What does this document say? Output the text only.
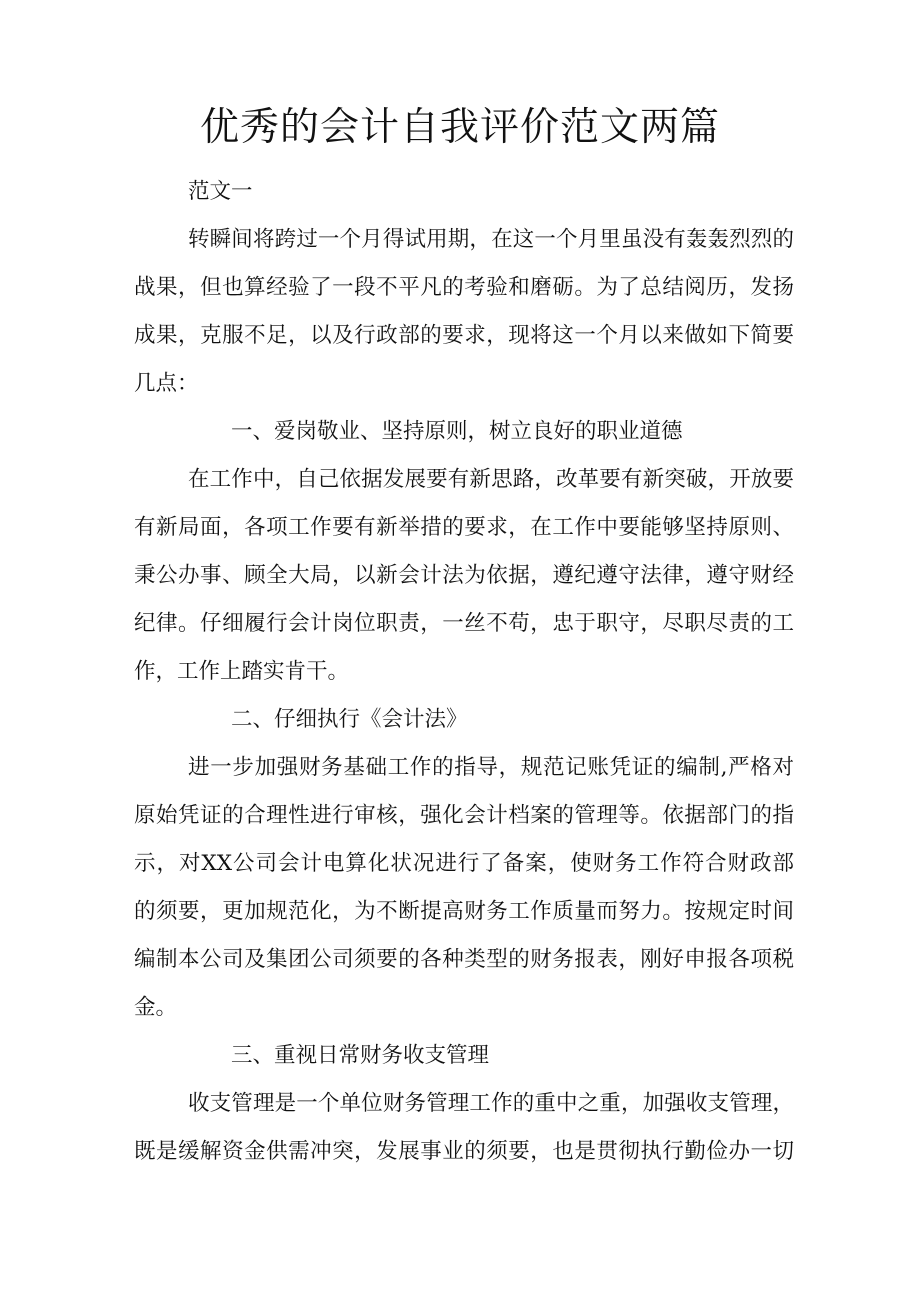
优秀的会计自我评价范文两篇

范文一

转瞬间将跨过一个月得试用期，在这一个月里虽没有轰轰烈烈的

战果，但也算经验了一段不平凡的考验和磨砺。为了总结阅历，发扬

成果，克服不足，以及行政部的要求，现将这一个月以来做如下简要

几点：

一、爱岗敬业、坚持原则，树立良好的职业道德

在工作中，自己依据发展要有新思路，改革要有新突破，开放要

有新局面，各项工作要有新举措的要求，在工作中要能够坚持原则、

秉公办事、顾全大局，以新会计法为依据，遵纪遵守法律，遵守财经

纪律。仔细履行会计岗位职责，一丝不苟，忠于职守，尽职尽责的工

作，工作上踏实肯干。

二、仔细执行《会计法》

进一步加强财务基础工作的指导，规范记账凭证的编制,严格对

原始凭证的合理性进行审核，强化会计档案的管理等。依据部门的指

示，对XX公司会计电算化状况进行了备案，使财务工作符合财政部

的须要，更加规范化，为不断提高财务工作质量而努力。按规定时间

编制本公司及集团公司须要的各种类型的财务报表，刚好申报各项税

金。

三、重视日常财务收支管理

收支管理是一个单位财务管理工作的重中之重，加强收支管理，

既是缓解资金供需冲突，发展事业的须要，也是贯彻执行勤俭办一切
